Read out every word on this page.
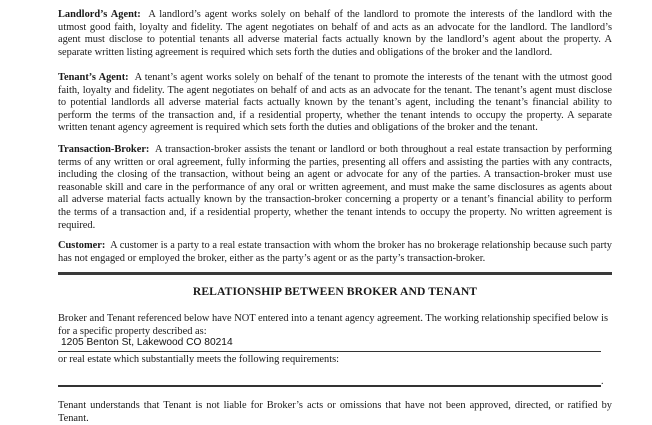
Landlord’s Agent: A landlord’s agent works solely on behalf of the landlord to promote the interests of the landlord with the utmost good faith, loyalty and fidelity. The agent negotiates on behalf of and acts as an advocate for the landlord. The landlord’s agent must disclose to potential tenants all adverse material facts actually known by the landlord’s agent about the property. A separate written listing agreement is required which sets forth the duties and obligations of the broker and the landlord.

Tenant’s Agent: A tenant’s agent works solely on behalf of the tenant to promote the interests of the tenant with the utmost good faith, loyalty and fidelity. The agent negotiates on behalf of and acts as an advocate for the tenant. The tenant’s agent must disclose to potential landlords all adverse material facts actually known by the tenant’s agent, including the tenant’s financial ability to perform the terms of the transaction and, if a residential property, whether the tenant intends to occupy the property. A separate written tenant agency agreement is required which sets forth the duties and obligations of the broker and the tenant.

Transaction-Broker: A transaction-broker assists the tenant or landlord or both throughout a real estate transaction by performing terms of any written or oral agreement, fully informing the parties, presenting all offers and assisting the parties with any contracts, including the closing of the transaction, without being an agent or advocate for any of the parties. A transaction-broker must use reasonable skill and care in the performance of any oral or written agreement, and must make the same disclosures as agents about all adverse material facts actually known by the transaction-broker concerning a property or a tenant’s financial ability to perform the terms of a transaction and, if a residential property, whether the tenant intends to occupy the property. No written agreement is required.

Customer: A customer is a party to a real estate transaction with whom the broker has no brokerage relationship because such party has not engaged or employed the broker, either as the party’s agent or as the party’s transaction-broker.

RELATIONSHIP BETWEEN BROKER AND TENANT

Broker and Tenant referenced below have NOT entered into a tenant agency agreement. The working relationship specified below is for a specific property described as:

1205 Benton St, Lakewood CO 80214

or real estate which substantially meets the following requirements:

.

Tenant understands that Tenant is not liable for Broker’s acts or omissions that have not been approved, directed, or ratified by Tenant.
